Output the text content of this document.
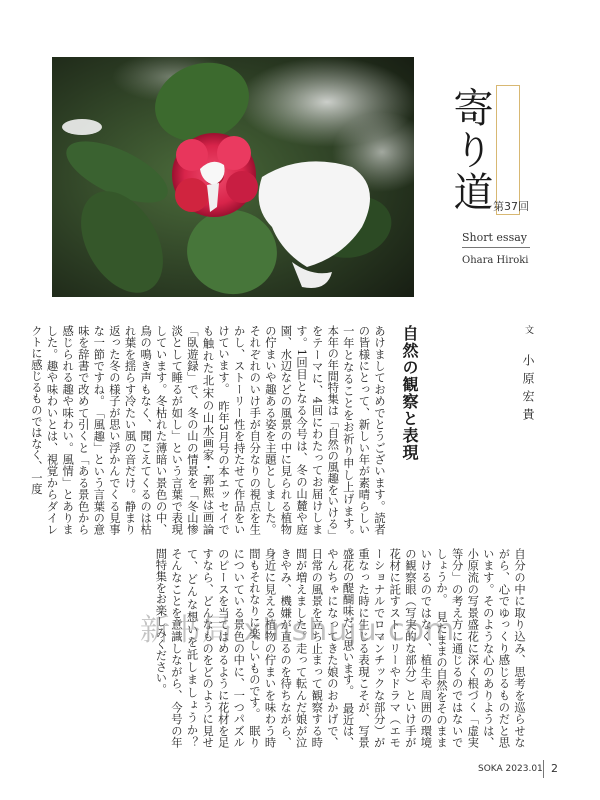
寄り道 第37回
Short essay
Ohara Hiroki
文 小原宏貴
自然の観察と表現
あけましておめでとうございます。読者の皆様にとって、新しい年が素晴らしい一年となることをお祈り申し上げます。　本年の年間特集は「自然の風趣をいける」をテーマに、4回にわたってお届けします。1回目となる今号は、冬の山麓や庭園、水辺などの風景の中に見られる植物の佇まいや趣ある姿を主題としました。それぞれのいけ手が自分なりの視点を生かし、ストーリー性を持たせて作品をいけています。　昨年3月号の本エッセイでも触れた北宋の山水画家・郭熙は画論「臥遊録」で、冬の山の情景を「冬山惨淡として睡るが如し」という言葉で表現しています。冬枯れた薄暗い景色の中、鳥の鳴き声もなく、聞こえてくるのは枯れ葉を揺らす冷たい風の音だけ。静まり返った冬の様子が思い浮かんでくる見事な一節ですね。　「風趣」という言葉の意味を辞書で改めて引くと「ある景色から感じられる趣や味わい。風情」とありました。趣や味わいとは、視覚からダイレクトに感じるものではなく、一度
自分の中に取り込み、思考を巡らせながら、心でゆっくり感じるものだと思います。そのような心のありようは、小原流の写景盛花に深く根づく「虚実等分」の考え方に通じるのではないでしょうか。　見たままの自然をそのままいけるのではなく、植生や周囲の環境の観察眼（写実的な部分）といけ手が花材に託すストーリーやドラマ（エモーショナルでロマンチックな部分）が重なった時に生じる表現こそが、写景盛花の醍醐味だと思います。　最近は、やんちゃになってきた娘のおかげで、日常の風景を立ち止まって観察する時間が増えました。走って転んだ娘が泣きやみ、機嫌が直るのを待ちながら、身近に見える植物の佇まいを味わう時間もそれなりに楽しいものです。　眠りについている景色の中に、一つパズルのピースを当てはめるように花材を足すなら、どんなものをどのように見せて、どんな想いを託しましょうか？　そんなことを意識しながら、今号の年間特集をお楽しみください。
新书局 xinshuju.com
SOKA 2023.01 2
